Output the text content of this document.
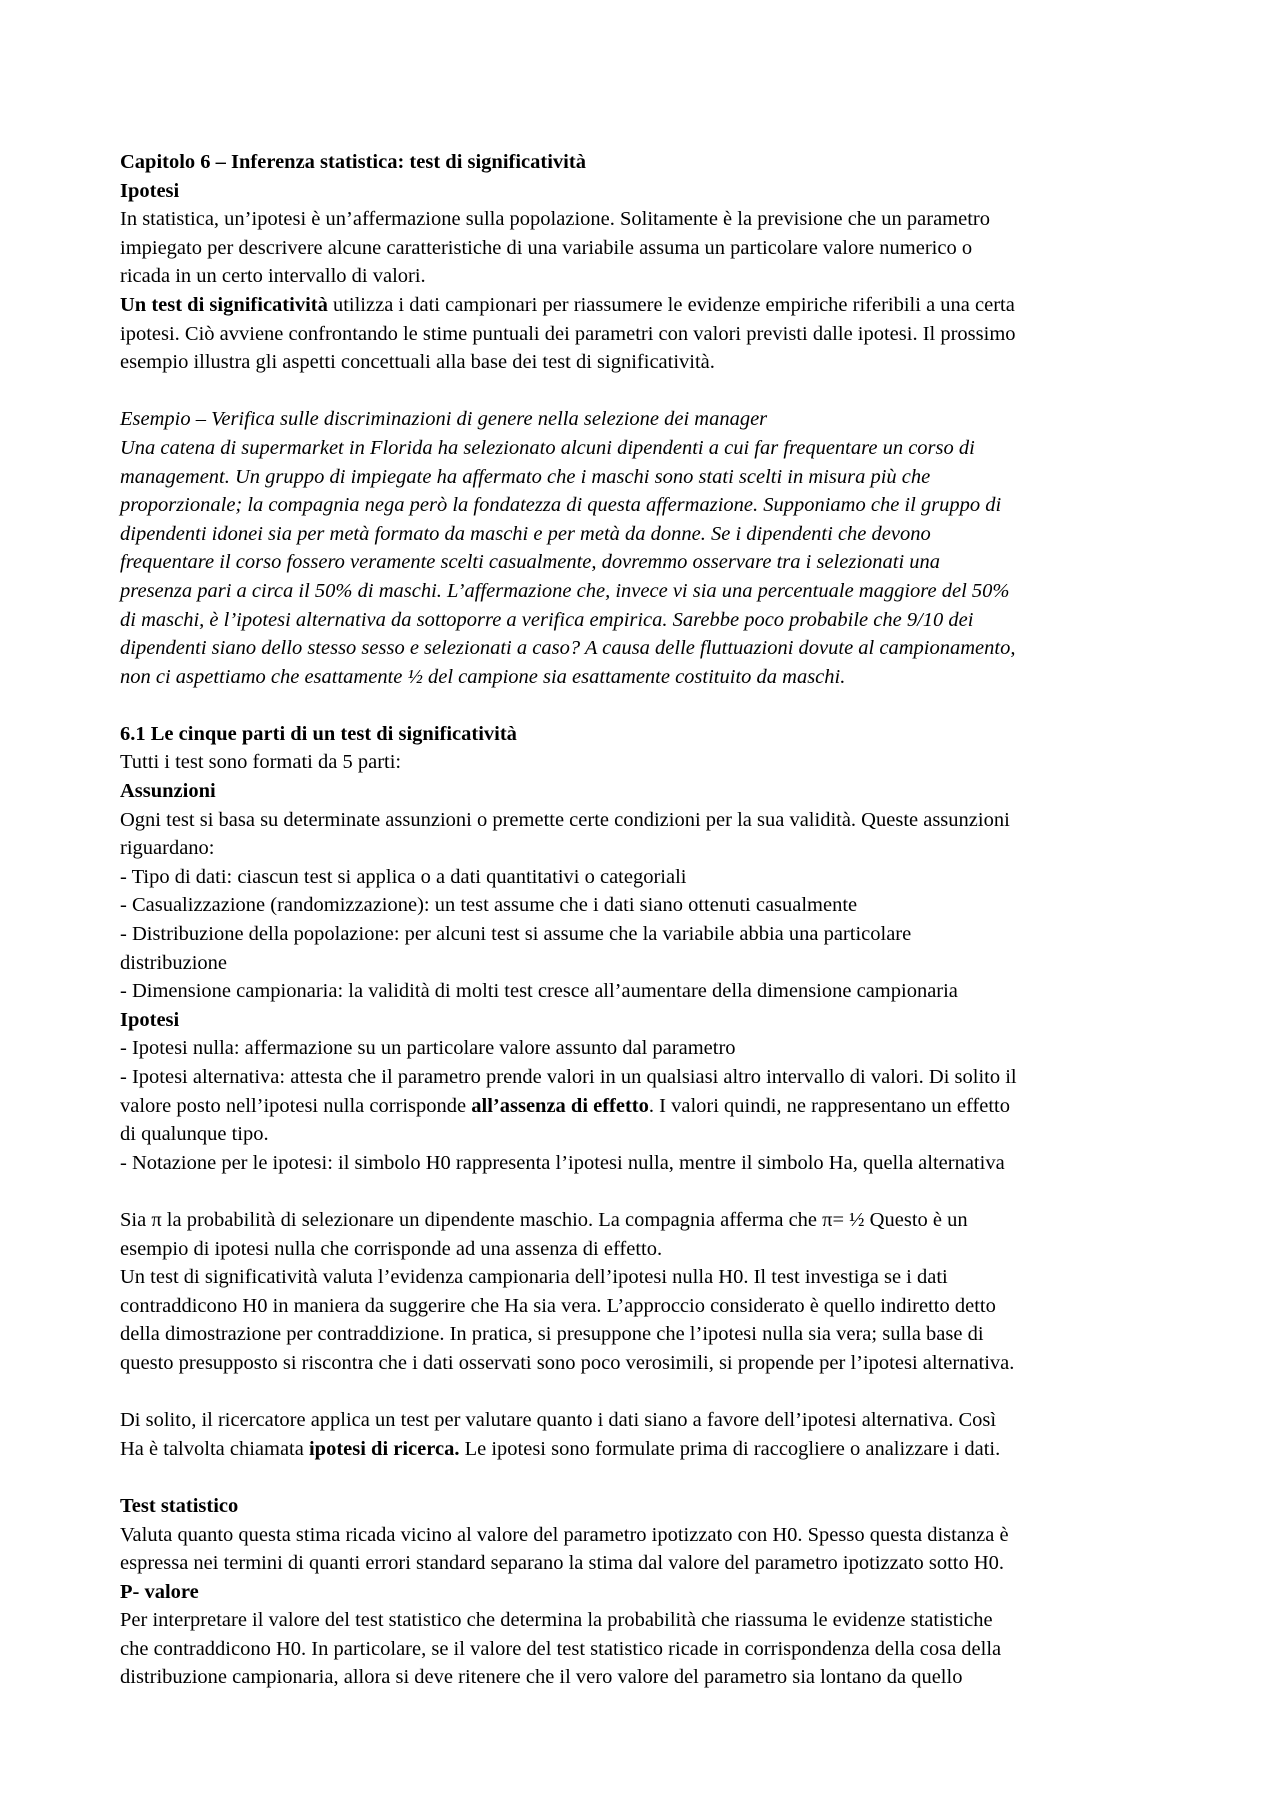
Capitolo 6 – Inferenza statistica: test di significatività
Ipotesi
In statistica, un’ipotesi è un’affermazione sulla popolazione. Solitamente è la previsione che un parametro
impiegato per descrivere alcune caratteristiche di una variabile assuma un particolare valore numerico o
ricada in un certo intervallo di valori.
Un test di significatività utilizza i dati campionari per riassumere le evidenze empiriche riferibili a una certa
ipotesi. Ciò avviene confrontando le stime puntuali dei parametri con valori previsti dalle ipotesi. Il prossimo
esempio illustra gli aspetti concettuali alla base dei test di significatività.
Esempio – Verifica sulle discriminazioni di genere nella selezione dei manager
Una catena di supermarket in Florida ha selezionato alcuni dipendenti a cui far frequentare un corso di
management. Un gruppo di impiegate ha affermato che i maschi sono stati scelti in misura più che
proporzionale; la compagnia nega però la fondatezza di questa affermazione. Supponiamo che il gruppo di
dipendenti idonei sia per metà formato da maschi e per metà da donne. Se i dipendenti che devono
frequentare il corso fossero veramente scelti casualmente, dovremmo osservare tra i selezionati una
presenza pari a circa il 50% di maschi. L’affermazione che, invece vi sia una percentuale maggiore del 50%
di maschi, è l’ipotesi alternativa da sottoporre a verifica empirica. Sarebbe poco probabile che 9/10 dei
dipendenti siano dello stesso sesso e selezionati a caso? A causa delle fluttuazioni dovute al campionamento,
non ci aspettiamo che esattamente ½ del campione sia esattamente costituito da maschi.
6.1 Le cinque parti di un test di significatività
Tutti i test sono formati da 5 parti:
Assunzioni
Ogni test si basa su determinate assunzioni o premette certe condizioni per la sua validità. Queste assunzioni
riguardano:
- Tipo di dati: ciascun test si applica o a dati quantitativi o categoriali
- Casualizzazione (randomizzazione): un test assume che i dati siano ottenuti casualmente
- Distribuzione della popolazione: per alcuni test si assume che la variabile abbia una particolare
distribuzione
- Dimensione campionaria: la validità di molti test cresce all’aumentare della dimensione campionaria
Ipotesi
- Ipotesi nulla: affermazione su un particolare valore assunto dal parametro
- Ipotesi alternativa: attesta che il parametro prende valori in un qualsiasi altro intervallo di valori. Di solito il
valore posto nell’ipotesi nulla corrisponde all’assenza di effetto. I valori quindi, ne rappresentano un effetto
di qualunque tipo.
- Notazione per le ipotesi: il simbolo H0 rappresenta l’ipotesi nulla, mentre il simbolo Ha, quella alternativa
Sia π la probabilità di selezionare un dipendente maschio. La compagnia afferma che π= ½ Questo è un
esempio di ipotesi nulla che corrisponde ad una assenza di effetto.
Un test di significatività valuta l’evidenza campionaria dell’ipotesi nulla H0. Il test investiga se i dati
contraddicono H0 in maniera da suggerire che Ha sia vera. L’approccio considerato è quello indiretto detto
della dimostrazione per contraddizione. In pratica, si presuppone che l’ipotesi nulla sia vera; sulla base di
questo presupposto si riscontra che i dati osservati sono poco verosimili, si propende per l’ipotesi alternativa.
Di solito, il ricercatore applica un test per valutare quanto i dati siano a favore dell’ipotesi alternativa. Così
Ha è talvolta chiamata ipotesi di ricerca. Le ipotesi sono formulate prima di raccogliere o analizzare i dati.
Test statistico
Valuta quanto questa stima ricada vicino al valore del parametro ipotizzato con H0. Spesso questa distanza è
espressa nei termini di quanti errori standard separano la stima dal valore del parametro ipotizzato sotto H0.
P- valore
Per interpretare il valore del test statistico che determina la probabilità che riassuma le evidenze statistiche
che contraddicono H0. In particolare, se il valore del test statistico ricade in corrispondenza della cosa della
distribuzione campionaria, allora si deve ritenere che il vero valore del parametro sia lontano da quello
